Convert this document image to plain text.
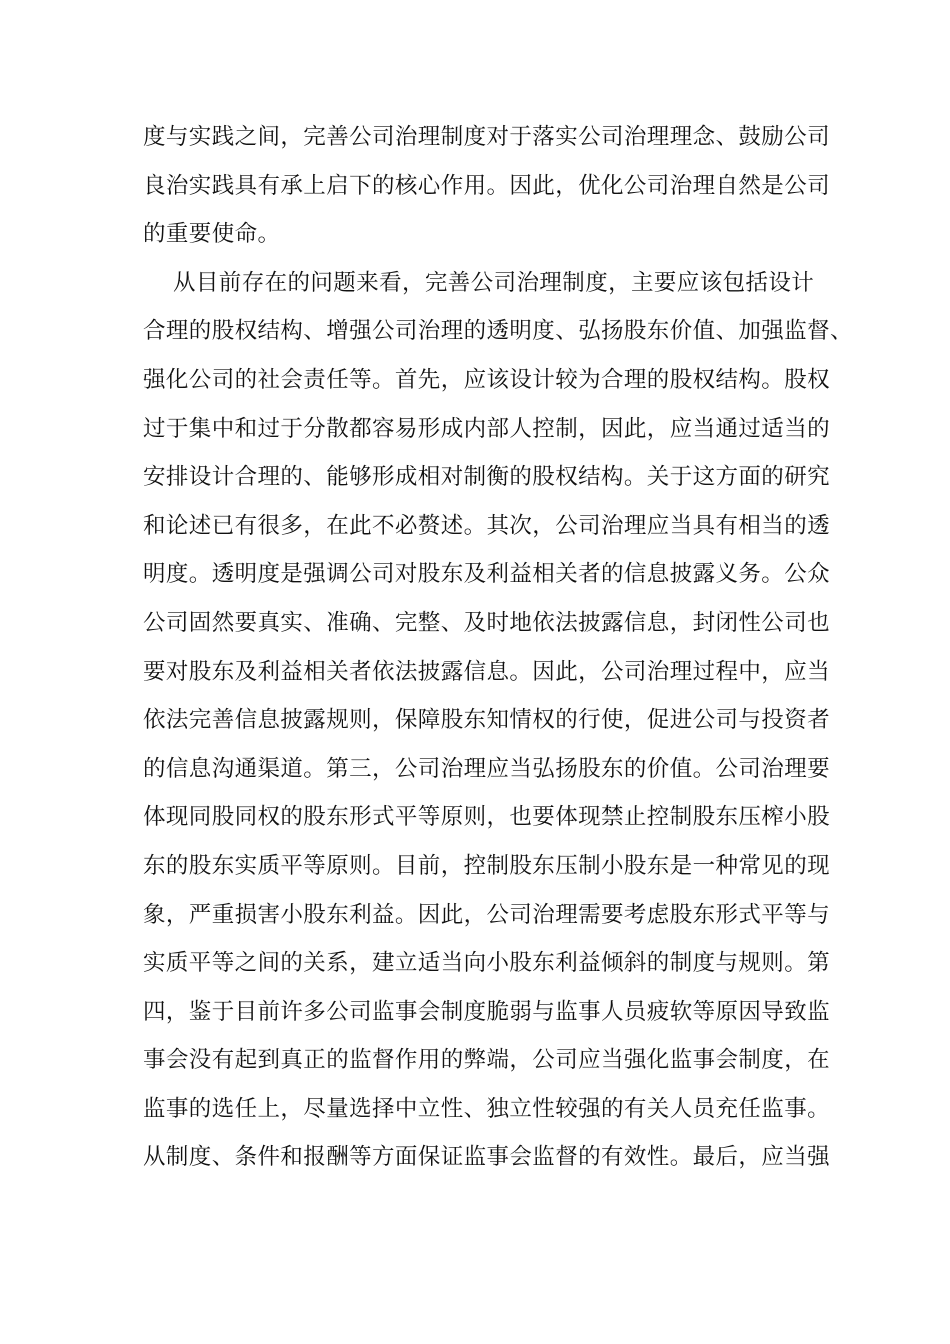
度与实践之间，完善公司治理制度对于落实公司治理理念、鼓励公司
良治实践具有承上启下的核心作用。因此，优化公司治理自然是公司
的重要使命。
从目前存在的问题来看，完善公司治理制度，主要应该包括设计
合理的股权结构、增强公司治理的透明度、弘扬股东价值、加强监督、
强化公司的社会责任等。首先，应该设计较为合理的股权结构。股权
过于集中和过于分散都容易形成内部人控制，因此，应当通过适当的
安排设计合理的、能够形成相对制衡的股权结构。关于这方面的研究
和论述已有很多，在此不必赘述。其次，公司治理应当具有相当的透
明度。透明度是强调公司对股东及利益相关者的信息披露义务。公众
公司固然要真实、准确、完整、及时地依法披露信息，封闭性公司也
要对股东及利益相关者依法披露信息。因此，公司治理过程中，应当
依法完善信息披露规则，保障股东知情权的行使，促进公司与投资者
的信息沟通渠道。第三，公司治理应当弘扬股东的价值。公司治理要
体现同股同权的股东形式平等原则，也要体现禁止控制股东压榨小股
东的股东实质平等原则。目前，控制股东压制小股东是一种常见的现
象，严重损害小股东利益。因此，公司治理需要考虑股东形式平等与
实质平等之间的关系，建立适当向小股东利益倾斜的制度与规则。第
四，鉴于目前许多公司监事会制度脆弱与监事人员疲软等原因导致监
事会没有起到真正的监督作用的弊端，公司应当强化监事会制度，在
监事的选任上，尽量选择中立性、独立性较强的有关人员充任监事。
从制度、条件和报酬等方面保证监事会监督的有效性。最后，应当强
